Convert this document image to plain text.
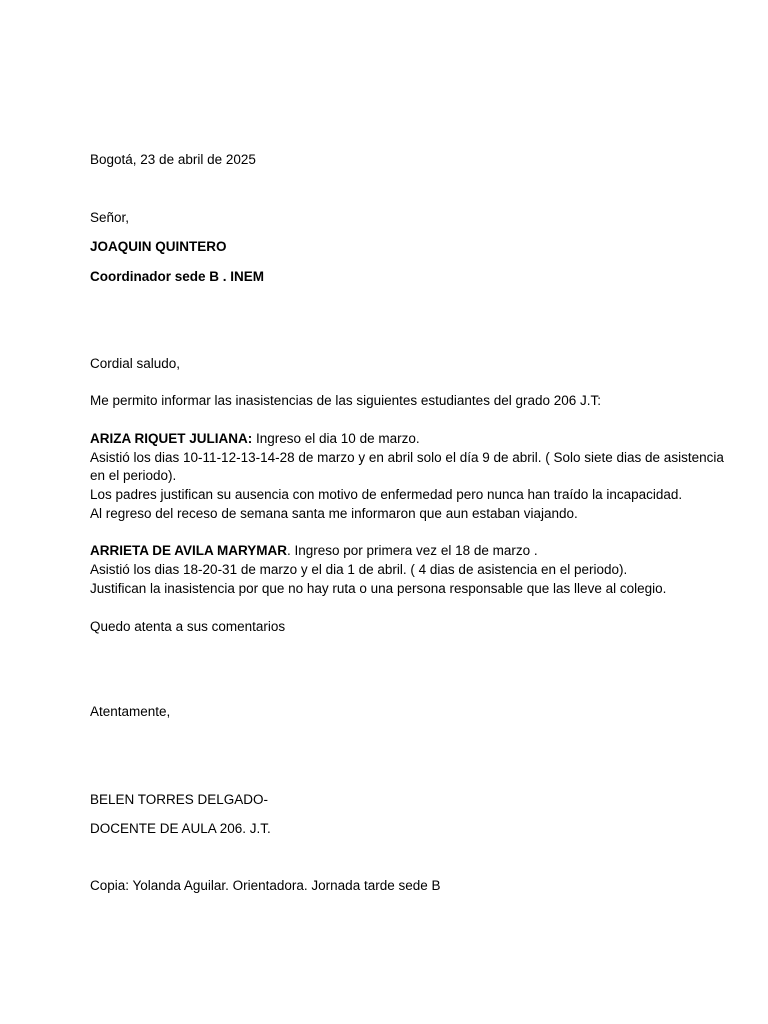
Bogotá, 23 de abril de 2025
Señor,
JOAQUIN QUINTERO
Coordinador sede B . INEM
Cordial saludo,
Me permito informar las inasistencias de las siguientes estudiantes del grado 206 J.T:
ARIZA RIQUET JULIANA: Ingreso el dia 10 de marzo.
Asistió los dias 10-11-12-13-14-28 de marzo y en abril solo el día 9 de abril. ( Solo siete dias de asistencia
en el periodo).
Los padres justifican su ausencia con motivo de enfermedad pero nunca han traído la incapacidad.
Al regreso del receso de semana santa me informaron que aun estaban viajando.
ARRIETA DE AVILA MARYMAR. Ingreso por primera vez el 18 de marzo .
Asistió los dias 18-20-31 de marzo y el dia 1 de abril. ( 4 dias de asistencia en el periodo).
Justifican la inasistencia por que no hay ruta o una persona responsable que las lleve al colegio.
Quedo atenta a sus comentarios
Atentamente,
BELEN TORRES DELGADO-
DOCENTE DE AULA 206. J.T.
Copia: Yolanda Aguilar. Orientadora. Jornada tarde sede B
